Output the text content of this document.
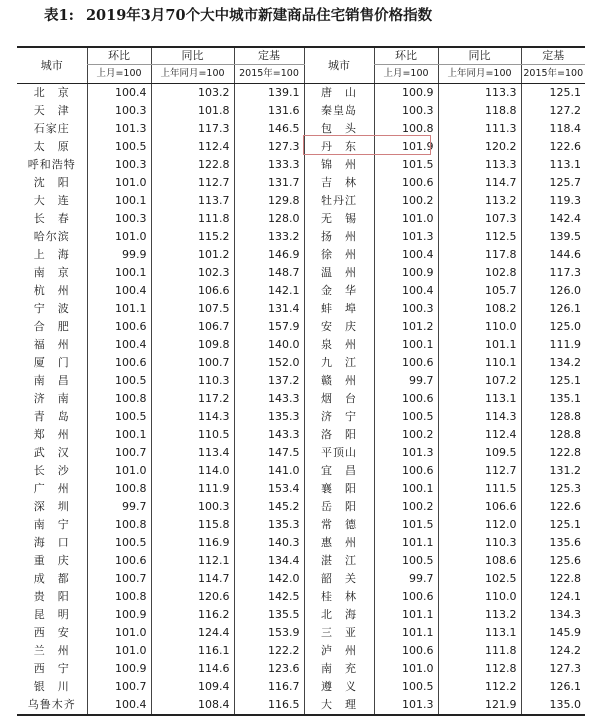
表1: 2019年3月70个大中城市新建商品住宅销售价格指数
城市	环比	同比	定基	城市	环比	同比	定基
	上月=100	上年同月=100	2015年=100		上月=100	上年同月=100	2015年=100
北　京	100.4	103.2	139.1	唐　山	100.9	113.3	125.1
天　津	100.3	101.8	131.6	秦皇岛	100.3	118.8	127.2
石家庄	101.3	117.3	146.5	包　头	100.8	111.3	118.4
太　原	100.5	112.4	127.3	丹　东	101.9	120.2	122.6
呼和浩特	100.3	122.8	133.3	锦　州	101.5	113.3	113.1
沈　阳	101.0	112.7	131.7	吉　林	100.6	114.7	125.7
大　连	100.1	113.7	129.8	牡丹江	100.2	113.2	119.3
长　春	100.3	111.8	128.0	无　锡	101.0	107.3	142.4
哈尔滨	101.0	115.2	133.2	扬　州	101.3	112.5	139.5
上　海	99.9	101.2	146.9	徐　州	100.4	117.8	144.6
南　京	100.1	102.3	148.7	温　州	100.9	102.8	117.3
杭　州	100.4	106.6	142.1	金　华	100.4	105.7	126.0
宁　波	101.1	107.5	131.4	蚌　埠	100.3	108.2	126.1
合　肥	100.6	106.7	157.9	安　庆	101.2	110.0	125.0
福　州	100.4	109.8	140.0	泉　州	100.1	101.1	111.9
厦　门	100.6	100.7	152.0	九　江	100.6	110.1	134.2
南　昌	100.5	110.3	137.2	赣　州	99.7	107.2	125.1
济　南	100.8	117.2	143.3	烟　台	100.6	113.1	135.1
青　岛	100.5	114.3	135.3	济　宁	100.5	114.3	128.8
郑　州	100.1	110.5	143.3	洛　阳	100.2	112.4	128.8
武　汉	100.7	113.4	147.5	平顶山	101.3	109.5	122.8
长　沙	101.0	114.0	141.0	宜　昌	100.6	112.7	131.2
广　州	100.8	111.9	153.4	襄　阳	100.1	111.5	125.3
深　圳	99.7	100.3	145.2	岳　阳	100.2	106.6	122.6
南　宁	100.8	115.8	135.3	常　德	101.5	112.0	125.1
海　口	100.5	116.9	140.3	惠　州	101.1	110.3	135.6
重　庆	100.6	112.1	134.4	湛　江	100.5	108.6	125.6
成　都	100.7	114.7	142.0	韶　关	99.7	102.5	122.8
贵　阳	100.8	120.6	142.5	桂　林	100.6	110.0	124.1
昆　明	100.9	116.2	135.5	北　海	101.1	113.2	134.3
西　安	101.0	124.4	153.9	三　亚	101.1	113.1	145.9
兰　州	101.0	116.1	122.2	泸　州	100.6	111.8	124.2
西　宁	100.9	114.6	123.6	南　充	101.0	112.8	127.3
银　川	100.7	109.4	116.7	遵　义	100.5	112.2	126.1
乌鲁木齐	100.4	108.4	116.5	大　理	101.3	121.9	135.0
